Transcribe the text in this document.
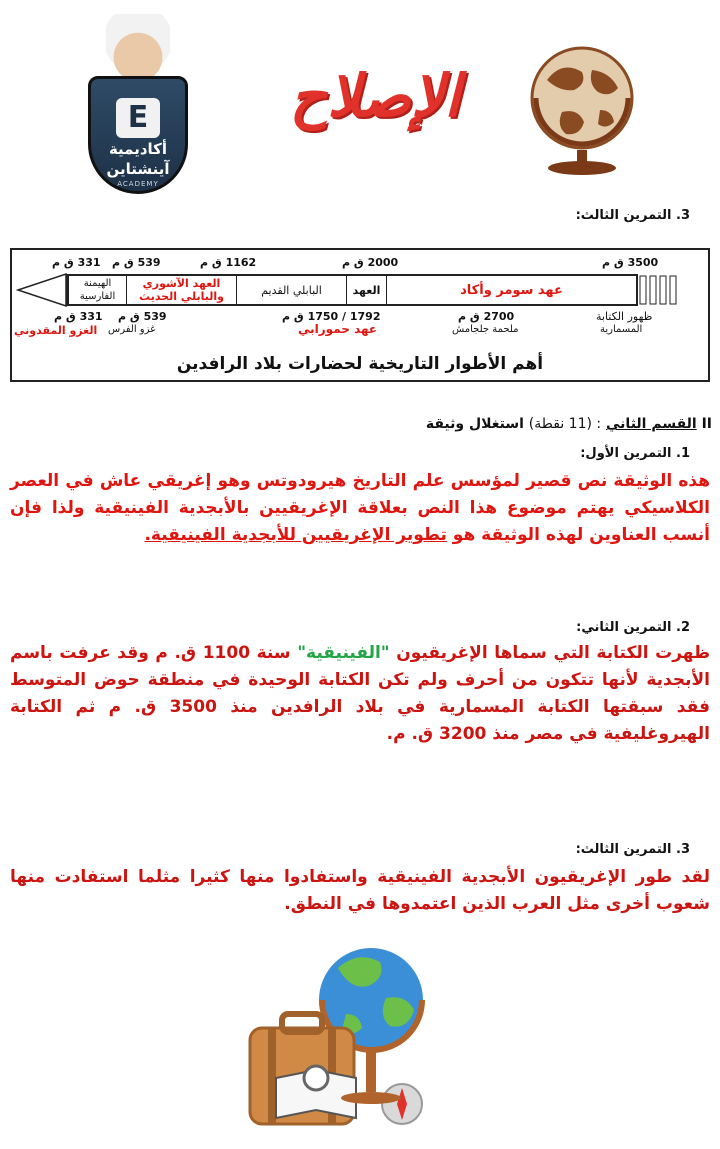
E
أكاديمية
آينشتاين
ACADEMY
الإصلاح
3. التمرين الثالث:
عهد سومر وأكاد
العهد
البابلي القديم
العهد الآشوري والبابلي الحديث
الهيمنة الفارسية
3500 ق م
2000 ق م
1162 ق م
539 ق م
331 ق م
ظهور الكتابة
2700 ق م
1792 / 1750 ق م
539 ق م
331 ق م
المسمارية
ملحمة جلجامش
عهد حمورابي
غزو الفرس
الغزو المقدوني
أهم الأطوار التاريخية لحضارات بلاد الرافدين
II القسم الثاني : (11 نقطة) استغلال وثيقة
1. التمرين الأول:
هذه الوثيقة نص قصير لمؤسس علم التاريخ هيرودوتس وهو إغريقي عاش في العصر الكلاسيكي يهتم موضوع هذا النص بعلاقة الإغريقيين بالأبجدية الفينيقية ولذا فإن أنسب العناوين لهذه الوثيقة هو تطوير الإغريقيين للأبجدية الفينيقية.
2. التمرين الثاني:
ظهرت الكتابة التي سماها الإغريقيون "الفينيقية" سنة 1100 ق. م وقد عرفت باسم الأبجدية لأنها تتكون من أحرف ولم تكن الكتابة الوحيدة في منطقة حوض المتوسط فقد سبقتها الكتابة المسمارية في بلاد الرافدين منذ 3500 ق. م ثم الكتابة الهيروغليفية في مصر منذ 3200 ق. م.
3. التمرين الثالث:
لقد طور الإغريقيون الأبجدية الفينيقية واستفادوا منها كثيرا مثلما استفادت منها شعوب أخرى مثل العرب الذين اعتمدوها في النطق.
